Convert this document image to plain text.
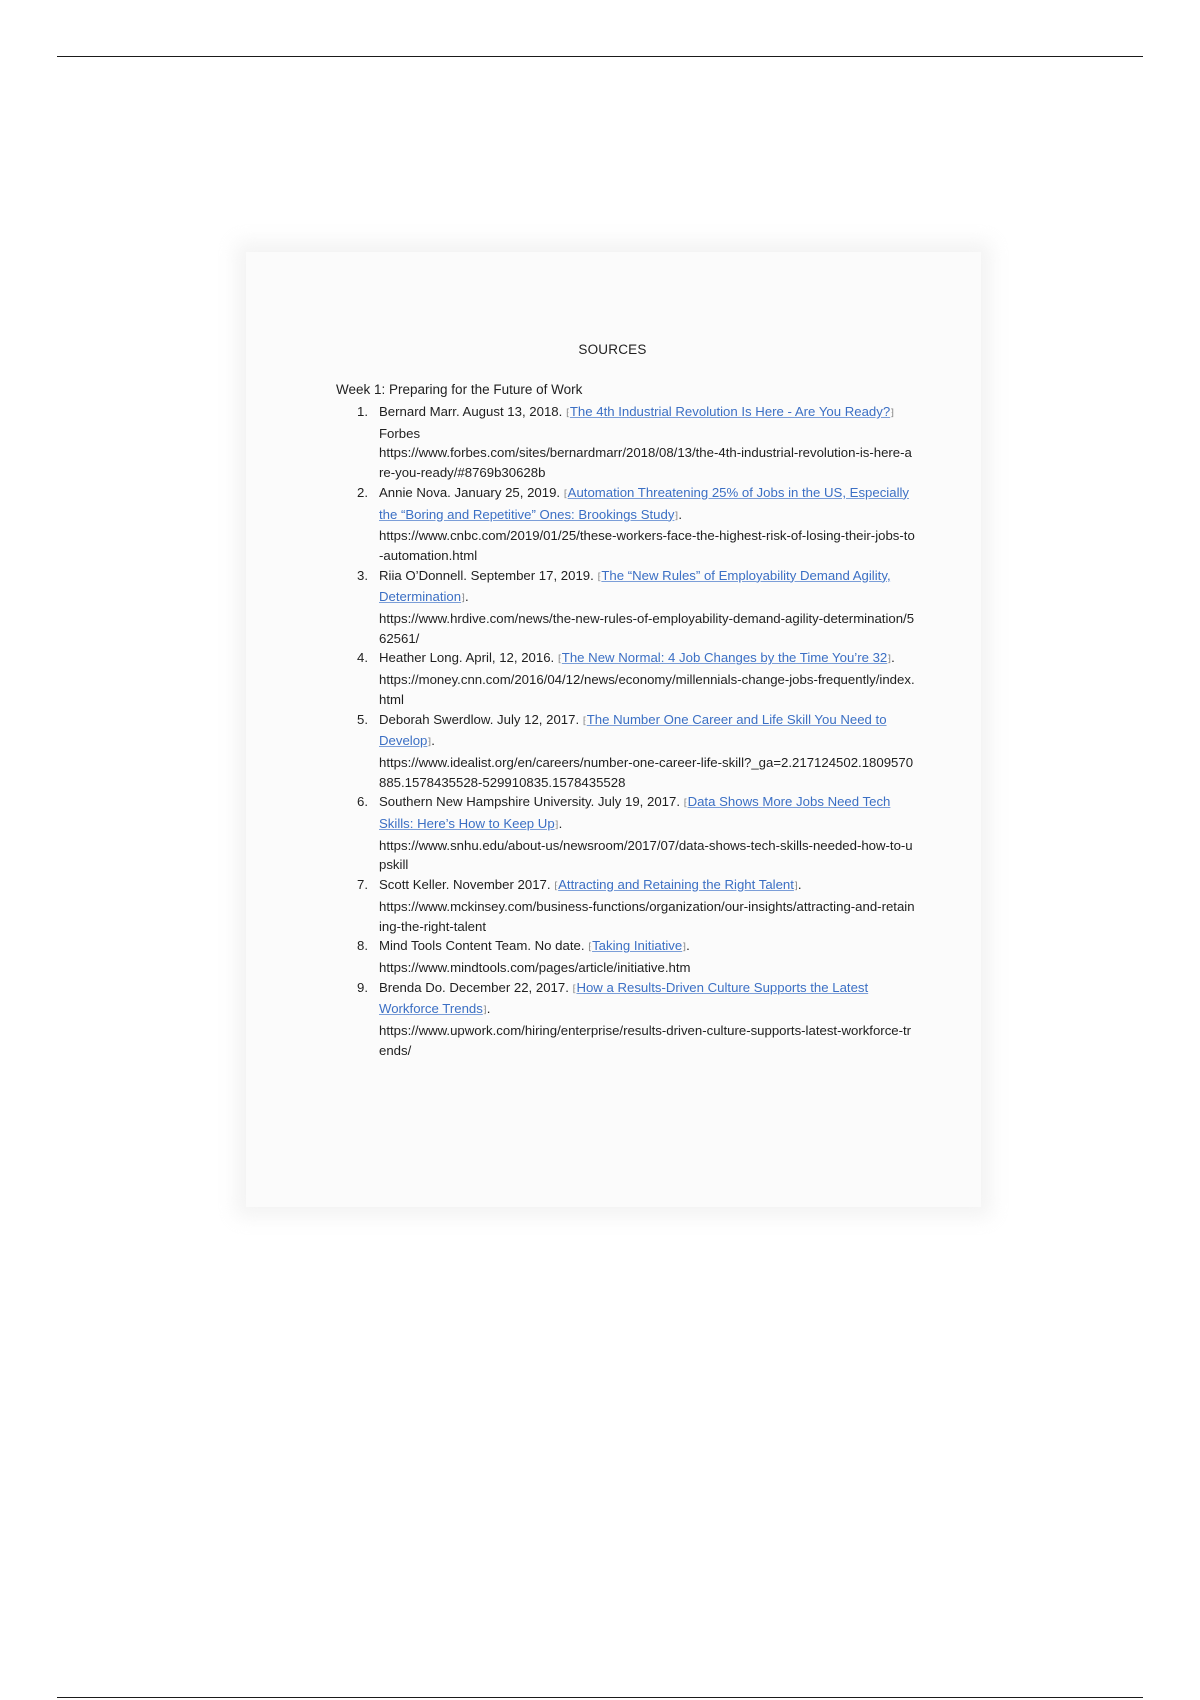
SOURCES
Week 1: Preparing for the Future of Work
1. Bernard Marr. August 13, 2018. ⁅The 4th Industrial Revolution Is Here - Are You Ready?⁆ Forbes
https://www.forbes.com/sites/bernardmarr/2018/08/13/the-4th-industrial-revolution-is-here-are-you-ready/#8769b30628b
2. Annie Nova. January 25, 2019. ⁅Automation Threatening 25% of Jobs in the US, Especially the “Boring and Repetitive” Ones: Brookings Study⁆.
https://www.cnbc.com/2019/01/25/these-workers-face-the-highest-risk-of-losing-their-jobs-to-automation.html
3. Riia O’Donnell. September 17, 2019. ⁅The “New Rules” of Employability Demand Agility, Determination⁆.
https://www.hrdive.com/news/the-new-rules-of-employability-demand-agility-determination/562561/
4. Heather Long. April, 12, 2016. ⁅The New Normal: 4 Job Changes by the Time You’re 32⁆.
https://money.cnn.com/2016/04/12/news/economy/millennials-change-jobs-frequently/index.html
5. Deborah Swerdlow. July 12, 2017. ⁅The Number One Career and Life Skill You Need to Develop⁆.
https://www.idealist.org/en/careers/number-one-career-life-skill?_ga=2.217124502.1809570885.1578435528-529910835.1578435528
6. Southern New Hampshire University. July 19, 2017. ⁅Data Shows More Jobs Need Tech Skills: Here’s How to Keep Up⁆.
https://www.snhu.edu/about-us/newsroom/2017/07/data-shows-tech-skills-needed-how-to-upskill
7. Scott Keller. November 2017. ⁅Attracting and Retaining the Right Talent⁆.
https://www.mckinsey.com/business-functions/organization/our-insights/attracting-and-retaining-the-right-talent
8. Mind Tools Content Team. No date. ⁅Taking Initiative⁆.
https://www.mindtools.com/pages/article/initiative.htm
9. Brenda Do. December 22, 2017. ⁅How a Results-Driven Culture Supports the Latest Workforce Trends⁆.
https://www.upwork.com/hiring/enterprise/results-driven-culture-supports-latest-workforce-trends/
